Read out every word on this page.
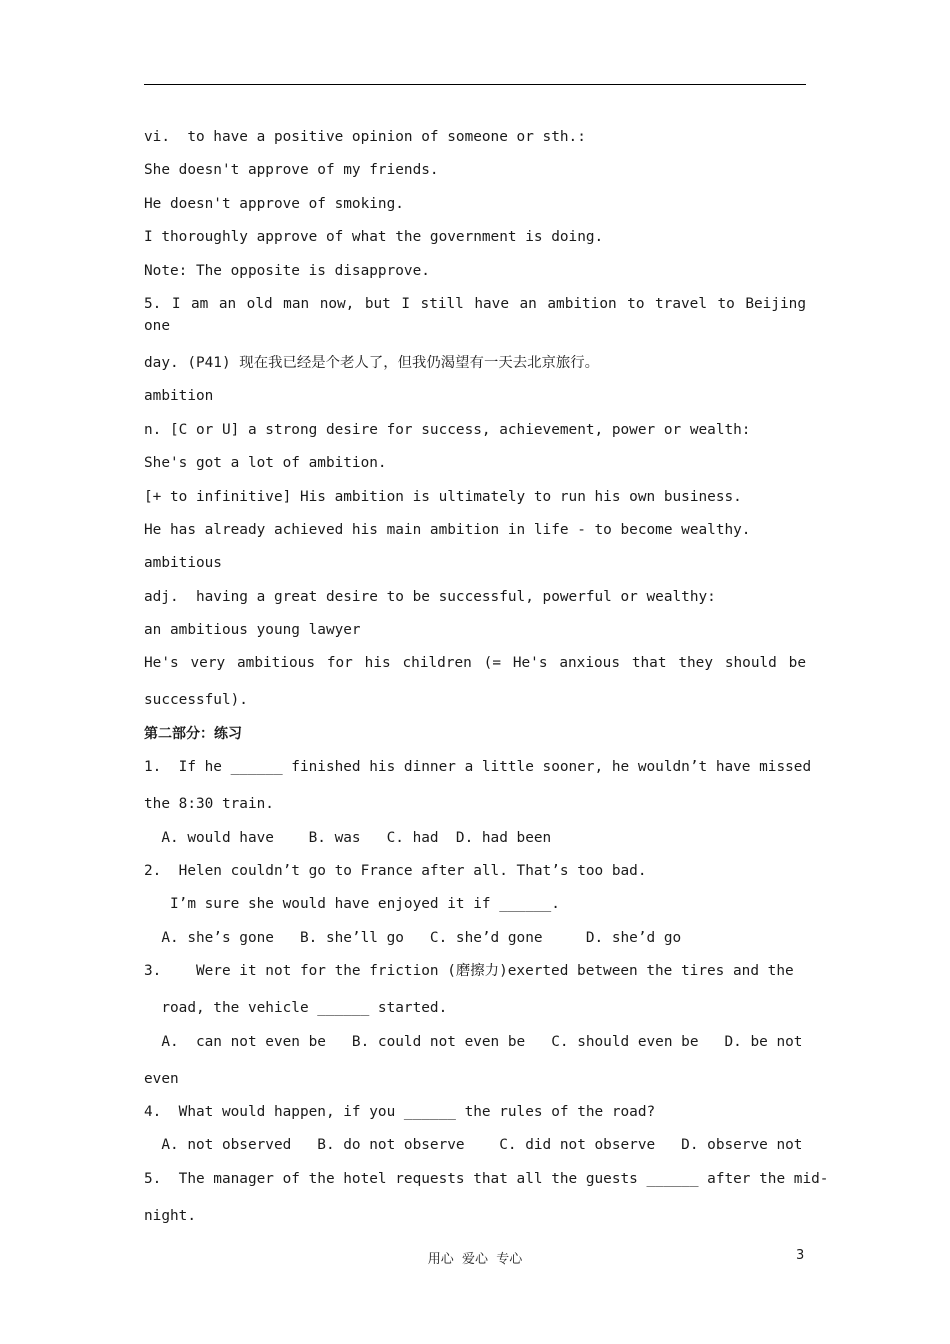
vi.  to have a positive opinion of someone or sth.:

She doesn't approve of my friends.

He doesn't approve of smoking.

I thoroughly approve of what the government is doing.

Note: The opposite is disapprove.

5. I am an old man now, but I still have an ambition to travel to Beijing one

day. (P41) 现在我已经是个老人了，但我仍渴望有一天去北京旅行。

ambition

n. [C or U] a strong desire for success, achievement, power or wealth:

She's got a lot of ambition.

[+ to infinitive] His ambition is ultimately to run his own business.

He has already achieved his main ambition in life - to become wealthy.

ambitious

adj.  having a great desire to be successful, powerful or wealthy:

an ambitious young lawyer

He's very ambitious for his children (= He's anxious that they should be

successful).

第二部分：练习

1.  If he ______ finished his dinner a little sooner, he wouldn’t have missed

the 8:30 train.

A. would have    B. was   C. had  D. had been

2.  Helen couldn’t go to France after all. That’s too bad.

I’m sure she would have enjoyed it if ______.

A. she’s gone   B. she’ll go   C. she’d gone     D. she’d go

3.    Were it not for the friction (磨擦力)exerted between the tires and the

road, the vehicle ______ started.

A.  can not even be   B. could not even be   C. should even be   D. be not

even

4.  What would happen, if you ______ the rules of the road?

A. not observed   B. do not observe    C. did not observe   D. observe not

5.  The manager of the hotel requests that all the guests ______ after the mid-

night.

用心  爱心  专心	3
